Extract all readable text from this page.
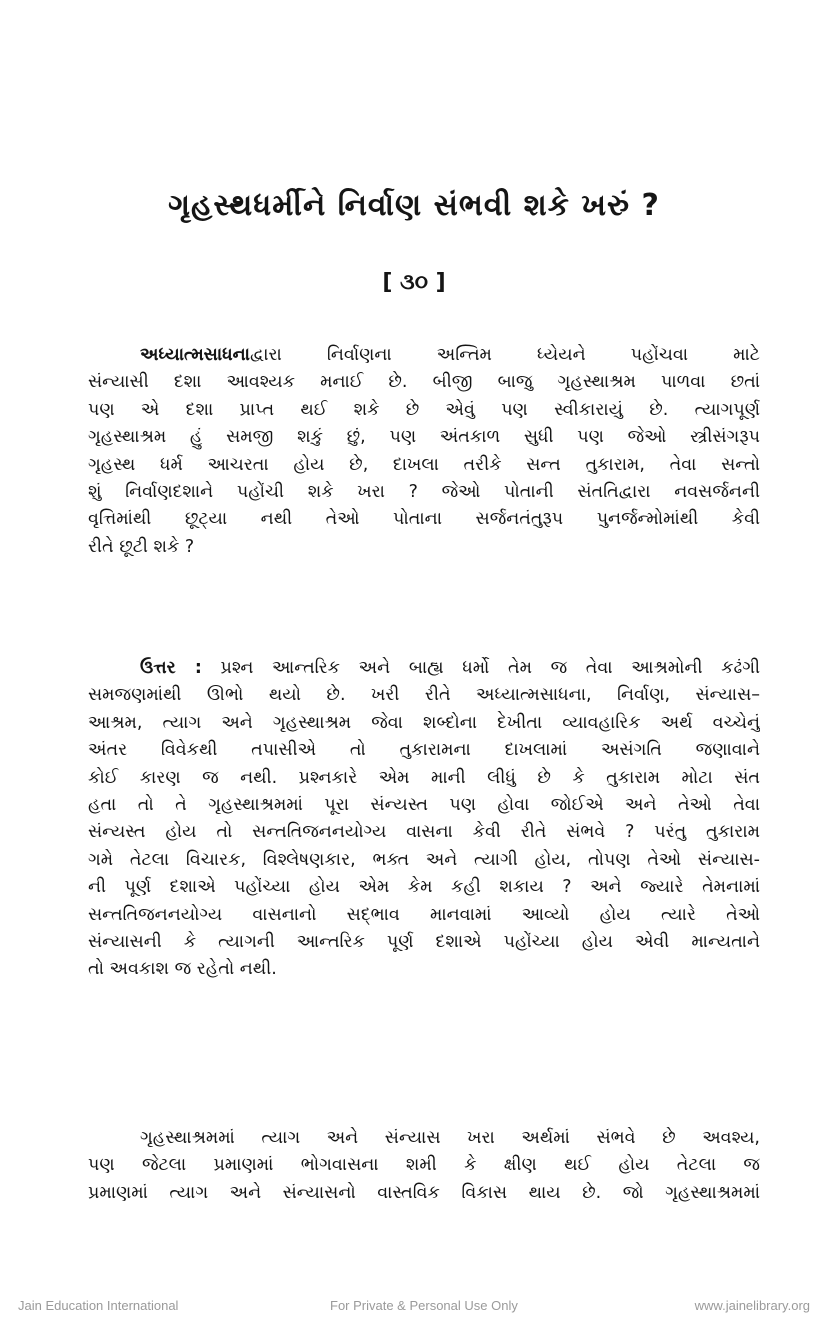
ગૃહસ્થધર્મીને નિર્વાણ સંભવી શકે ખરું ?
[ ૩૦ ]
અધ્યાત્મસાધનાદ્વારા નિર્વાણના અન્તિમ ધ્યેયને પહોંચવા માટે
સંન્યાસી દશા આવશ્યક મનાઈ છે. બીજી બાજુ ગૃહસ્થાશ્રમ પાળવા છતાં
પણ એ દશા પ્રાપ્ત થઈ શકે છે એવું પણ સ્વીકારાયું છે. ત્યાગપૂર્ણ
ગૃહસ્થાશ્રમ હું સમજી શકું છું, પણ અંતકાળ સુધી પણ જેઓ સ્ત્રીસંગરૂપ
ગૃહસ્થ ધર્મ આચરતા હોય છે, દાખલા તરીકે સન્ત તુકારામ, તેવા સન્તો
શું નિર્વાણદશાને પહોંચી શકે ખરા ? જેઓ પોતાની સંતતિદ્વારા નવસર્જનની
વૃત્તિમાંથી છૂટ્યા નથી તેઓ પોતાના સર્જનતંતુરૂપ પુનર્જન્મોમાંથી કેવી
રીતે છૂટી શકે ?
ઉત્તર : પ્રશ્ન આન્તરિક અને બાહ્ય ધર્મો તેમ જ તેવા આશ્રમોની કઢંગી
સમજણમાંથી ઊભો થયો છે. ખરી રીતે અધ્યાત્મસાધના, નિર્વાણ, સંન્યાસ–
આશ્રમ, ત્યાગ અને ગૃહસ્થાશ્રમ જેવા શબ્દોના દેખીતા વ્યાવહારિક અર્થ વચ્ચેનું
અંતર વિવેકથી તપાસીએ તો તુકારામના દાખલામાં અસંગતિ જણાવાને
કોઈ કારણ જ નથી. પ્રશ્નકારે એમ માની લીધું છે કે તુકારામ મોટા સંત
હતા તો તે ગૃહસ્થાશ્રમમાં પૂરા સંન્યસ્ત પણ હોવા જોઈએ અને તેઓ તેવા
સંન્યસ્ત હોય તો સન્તતિજનનયોગ્ય વાસના કેવી રીતે સંભવે ? પરંતુ તુકારામ
ગમે તેટલા વિચારક, વિશ્લેષણકાર, ભક્ત અને ત્યાગી હોય, તોપણ તેઓ સંન્યાસ-
ની પૂર્ણ દશાએ પહોંચ્યા હોય એમ કેમ કહી શકાય ? અને જ્યારે તેમનામાં
સન્તતિજનનયોગ્ય વાસનાનો સદ્ભાવ માનવામાં આવ્યો હોય ત્યારે તેઓ
સંન્યાસની કે ત્યાગની આન્તરિક પૂર્ણ દશાએ પહોંચ્યા હોય એવી માન્યતાને
તો અવકાશ જ રહેતો નથી.
ગૃહસ્થાશ્રમમાં ત્યાગ અને સંન્યાસ ખરા અર્થમાં સંભવે છે અવશ્ય,
પણ જેટલા પ્રમાણમાં ભોગવાસના શમી કે ક્ષીણ થઈ હોય તેટલા જ
પ્રમાણમાં ત્યાગ અને સંન્યાસનો વાસ્તવિક વિકાસ થાય છે. જો ગૃહસ્થાશ્રમમાં
Jain Education International	For Private & Personal Use Only	www.jainelibrary.org
